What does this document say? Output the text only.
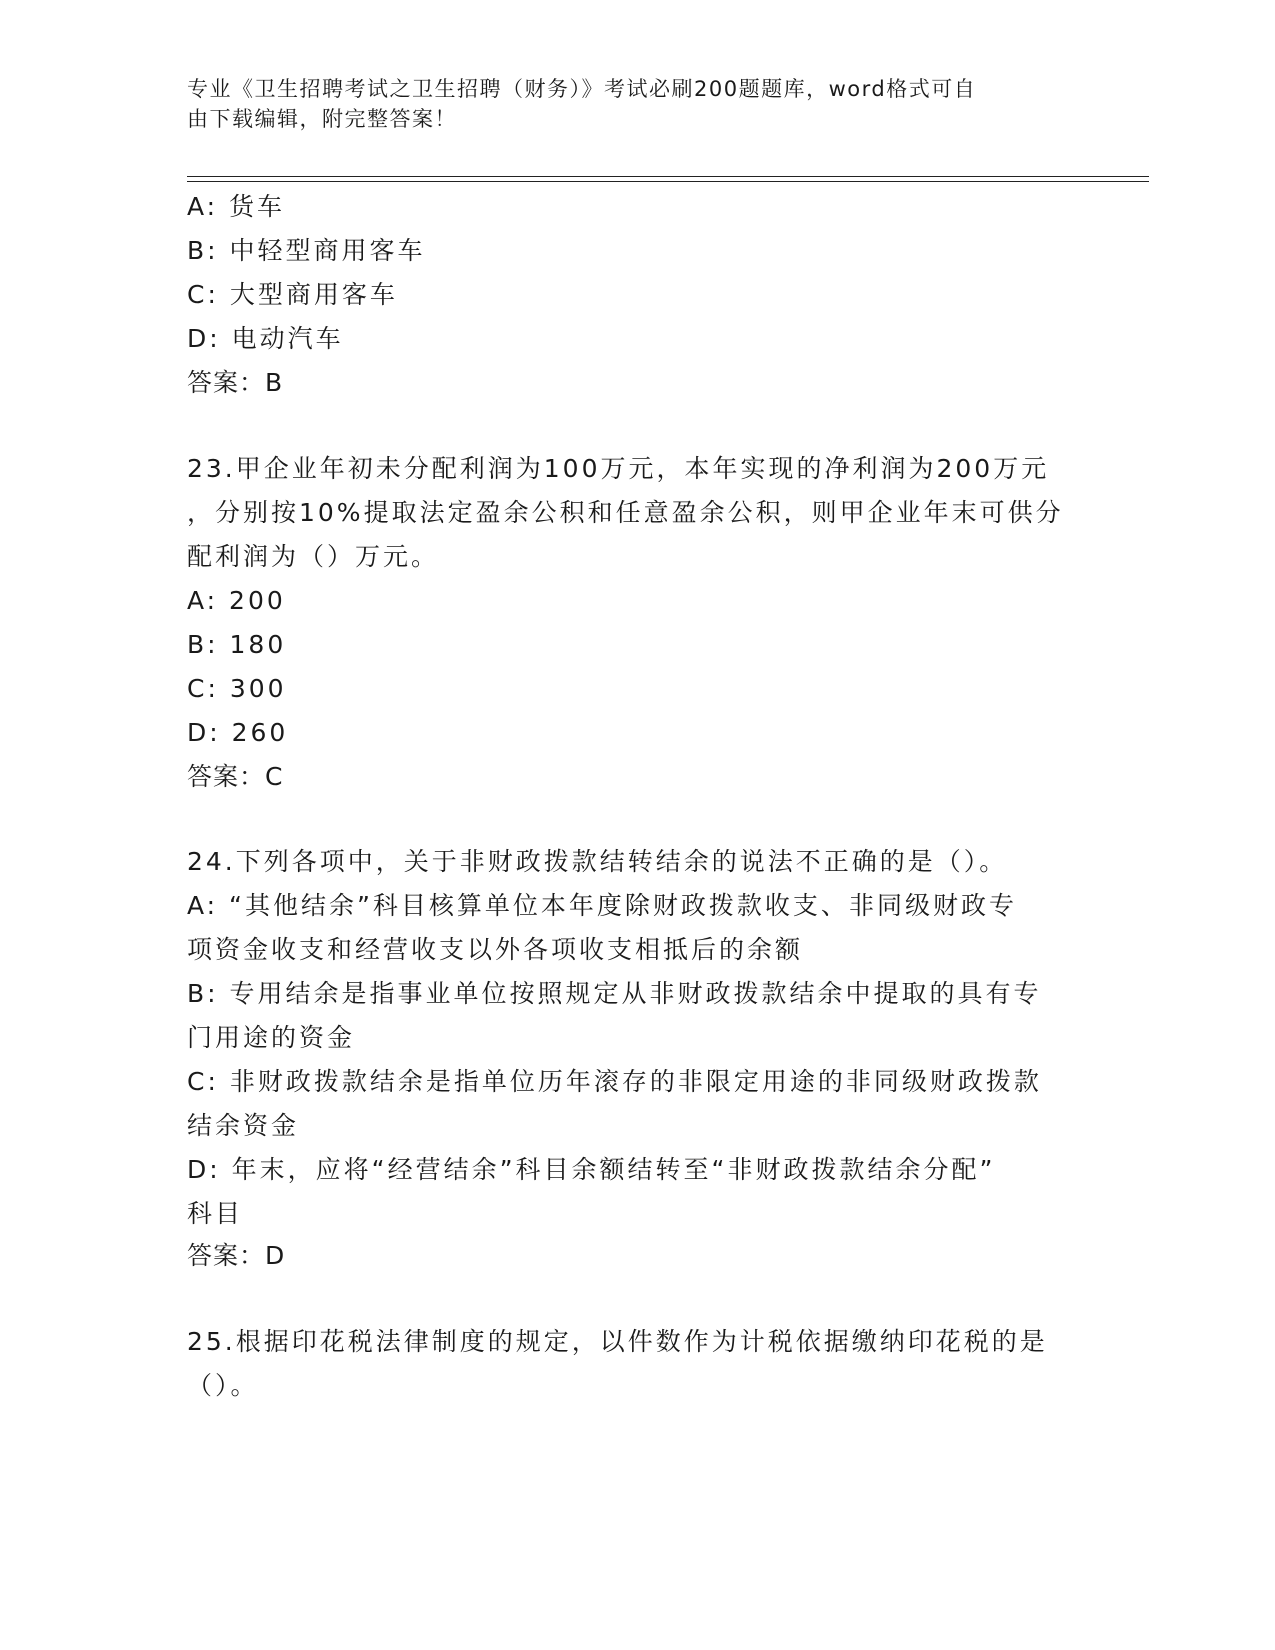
专业《卫生招聘考试之卫生招聘（财务）》考试必刷200题题库，word格式可自
由下载编辑，附完整答案！
A: 货车
B: 中轻型商用客车
C: 大型商用客车
D: 电动汽车
答案：B
23.甲企业年初未分配利润为100万元，本年实现的净利润为200万元
，分别按10%提取法定盈余公积和任意盈余公积，则甲企业年末可供分
配利润为（）万元。
A: 200
B: 180
C: 300
D: 260
答案：C
24.下列各项中，关于非财政拨款结转结余的说法不正确的是（）。
A: “其他结余”科目核算单位本年度除财政拨款收支、非同级财政专
项资金收支和经营收支以外各项收支相抵后的余额
B: 专用结余是指事业单位按照规定从非财政拨款结余中提取的具有专
门用途的资金
C: 非财政拨款结余是指单位历年滚存的非限定用途的非同级财政拨款
结余资金
D: 年末，应将“经营结余”科目余额结转至“非财政拨款结余分配”
科目
答案：D
25.根据印花税法律制度的规定，以件数作为计税依据缴纳印花税的是
（）。
